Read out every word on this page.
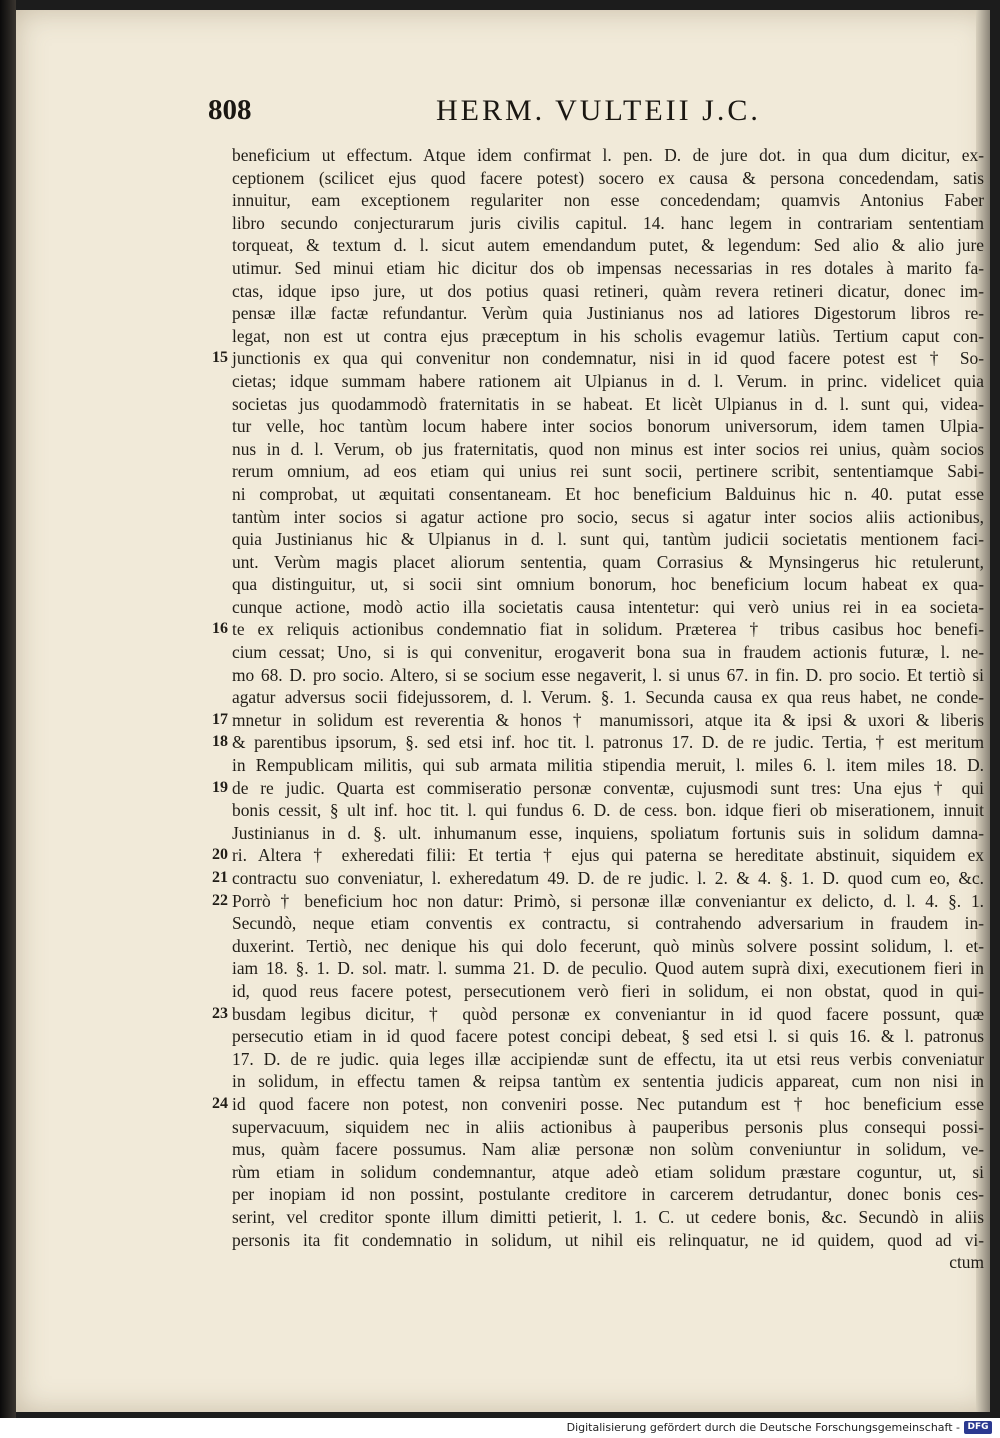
808	HERM. VULTEII J.C.
beneficium ut effectum. Atque idem confirmat l. pen. D. de jure dot. in qua dum dicitur, ex-
ceptionem (scilicet ejus quod facere potest) socero ex causa & persona concedendam, satis
innuitur, eam exceptionem regulariter non esse concedendam; quamvis Antonius Faber
libro secundo conjecturarum juris civilis capitul. 14. hanc legem in contrariam sententiam
torqueat, & textum d. l. sicut autem emendandum putet, & legendum: Sed alio & alio jure
utimur. Sed minui etiam hic dicitur dos ob impensas necessarias in res dotales à marito fa-
ctas, idque ipso jure, ut dos potius quasi retineri, quàm revera retineri dicatur, donec im-
pensæ illæ factæ refundantur. Verùm quia Justinianus nos ad latiores Digestorum libros re-
legat, non est ut contra ejus præceptum in his scholis evagemur latiùs. Tertium caput con-
15 junctionis ex qua qui convenitur non condemnatur, nisi in id quod facere potest est † So-
cietas; idque summam habere rationem ait Ulpianus in d. l. Verum. in princ. videlicet quia
societas jus quodammodò fraternitatis in se habeat. Et licèt Ulpianus in d. l. sunt qui, videa-
tur velle, hoc tantùm locum habere inter socios bonorum universorum, idem tamen Ulpia-
nus in d. l. Verum, ob jus fraternitatis, quod non minus est inter socios rei unius, quàm socios
rerum omnium, ad eos etiam qui unius rei sunt socii, pertinere scribit, sententiamque Sabi-
ni comprobat, ut æquitati consentaneam. Et hoc beneficium Balduinus hic n. 40. putat esse
tantùm inter socios si agatur actione pro socio, secus si agatur inter socios aliis actionibus,
quia Justinianus hic & Ulpianus in d. l. sunt qui, tantùm judicii societatis mentionem faci-
unt. Verùm magis placet aliorum sententia, quam Corrasius & Mynsingerus hic retulerunt,
qua distinguitur, ut, si socii sint omnium bonorum, hoc beneficium locum habeat ex qua-
cunque actione, modò actio illa societatis causa intentetur: qui verò unius rei in ea societa-
16 te ex reliquis actionibus condemnatio fiat in solidum. Præterea † tribus casibus hoc benefi-
cium cessat; Uno, si is qui convenitur, erogaverit bona sua in fraudem actionis futuræ, l. ne-
mo 68. D. pro socio. Altero, si se socium esse negaverit, l. si unus 67. in fin. D. pro socio. Et tertiò si
agatur adversus socii fidejussorem, d. l. Verum. §. 1. Secunda causa ex qua reus habet, ne conde-
17 mnetur in solidum est reverentia & honos † manumissori, atque ita & ipsi & uxori & liberis
18 & parentibus ipsorum, §. sed etsi inf. hoc tit. l. patronus 17. D. de re judic. Tertia, † est meritum
in Rempublicam militis, qui sub armata militia stipendia meruit, l. miles 6. l. item miles 18. D.
19 de re judic. Quarta est commiseratio personæ conventæ, cujusmodi sunt tres: Una ejus † qui
bonis cessit, § ult inf. hoc tit. l. qui fundus 6. D. de cess. bon. idque fieri ob miserationem, innuit
Justinianus in d. §. ult. inhumanum esse, inquiens, spoliatum fortunis suis in solidum damna-
20 ri. Altera † exheredati filii: Et tertia † ejus qui paterna se hereditate abstinuit, siquidem ex
21 contractu suo conveniatur, l. exheredatum 49. D. de re judic. l. 2. & 4. §. 1. D. quod cum eo, &c.
22 Porrò † beneficium hoc non datur: Primò, si personæ illæ conveniantur ex delicto, d. l. 4. §. 1.
Secundò, neque etiam conventis ex contractu, si contrahendo adversarium in fraudem in-
duxerint. Tertiò, nec denique his qui dolo fecerunt, quò minùs solvere possint solidum, l. et-
iam 18. §. 1. D. sol. matr. l. summa 21. D. de peculio. Quod autem suprà dixi, executionem fieri in
id, quod reus facere potest, persecutionem verò fieri in solidum, ei non obstat, quod in qui-
23 busdam legibus dicitur, † quòd personæ ex conveniantur in id quod facere possunt, quæ
persecutio etiam in id quod facere potest concipi debeat, § sed etsi l. si quis 16. & l. patronus
17. D. de re judic. quia leges illæ accipiendæ sunt de effectu, ita ut etsi reus verbis conveniatur
in solidum, in effectu tamen & reipsa tantùm ex sententia judicis appareat, cum non nisi in
24 id quod facere non potest, non conveniri posse. Nec putandum est † hoc beneficium esse
supervacuum, siquidem nec in aliis actionibus à pauperibus personis plus consequi possi-
mus, quàm facere possumus. Nam aliæ personæ non solùm conveniuntur in solidum, ve-
rùm etiam in solidum condemnantur, atque adeò etiam solidum præstare coguntur, ut, si
per inopiam id non possint, postulante creditore in carcerem detrudantur, donec bonis ces-
serint, vel creditor sponte illum dimitti petierit, l. 1. C. ut cedere bonis, &c. Secundò in aliis
personis ita fit condemnatio in solidum, ut nihil eis relinquatur, ne id quidem, quod ad vi-
ctum
Digitalisierung gefördert durch die Deutsche Forschungsgemeinschaft - DFG
